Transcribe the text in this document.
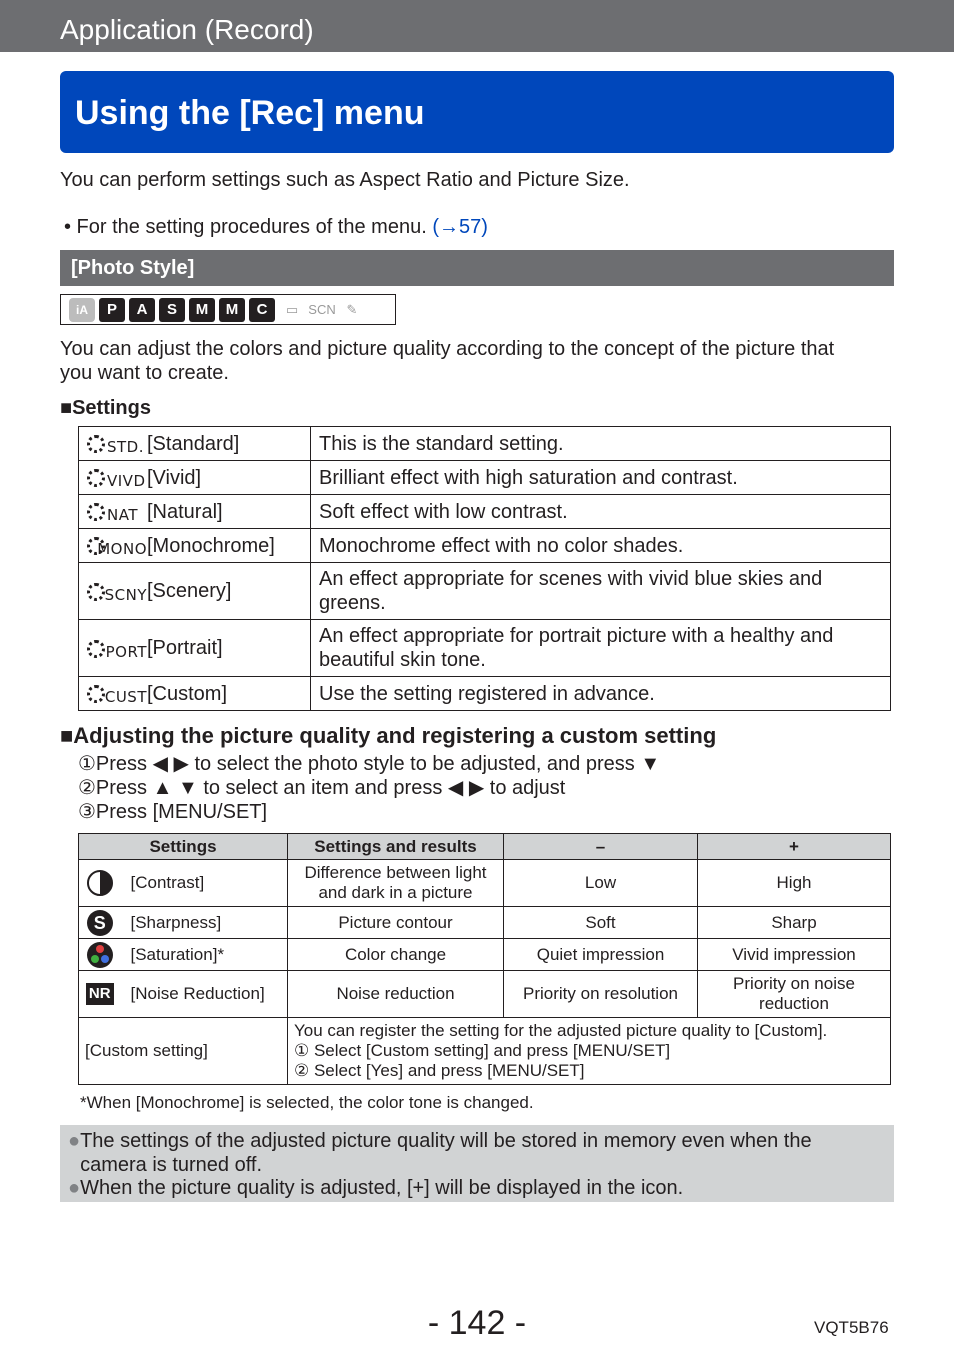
Application (Record)
Using the [Rec] menu
You can perform settings such as Aspect Ratio and Picture Size.
• For the setting procedures of the menu. (→57)
[Photo Style]
iA	P	A	S	M	M	C	▭ SCN ✎
You can adjust the colors and picture quality according to the concept of the picture that
you want to create.
■Settings
STD. [Standard]	This is the standard setting.

VIVD [Vivid]	Brilliant effect with high saturation and contrast.

NAT [Natural]	Soft effect with low contrast.

MONO [Monochrome]	Monochrome effect with no color shades.

SCNY [Scenery]	An effect appropriate for scenes with vivid blue skies and greens.

PORT [Portrait]	An effect appropriate for portrait picture with a healthy and beautiful skin tone.

CUST [Custom]	Use the setting registered in advance.
■Adjusting the picture quality and registering a custom setting
①Press ◀ ▶ to select the photo style to be adjusted, and press ▼
②Press ▲ ▼ to select an item and press ◀ ▶ to adjust
③Press [MENU/SET]
Settings		Settings and results	–	+
	[Contrast]	Difference between light and dark in a picture	Low	High
S	[Sharpness]	Picture contour	Soft	Sharp

	[Saturation]*	Color change	Quiet impression	Vivid impression
NR	[Noise Reduction]	Noise reduction	Priority on resolution	Priority on noise reduction
[Custom setting]		You can register the setting for the adjusted picture quality to [Custom].
① Select [Custom setting] and press [MENU/SET]
② Select [Yes] and press [MENU/SET]		
*When [Monochrome] is selected, the color tone is changed.
●The settings of the adjusted picture quality will be stored in memory even when the camera is turned off.
●When the picture quality is adjusted, [+] will be displayed in the icon.
- 142 -	VQT5B76
